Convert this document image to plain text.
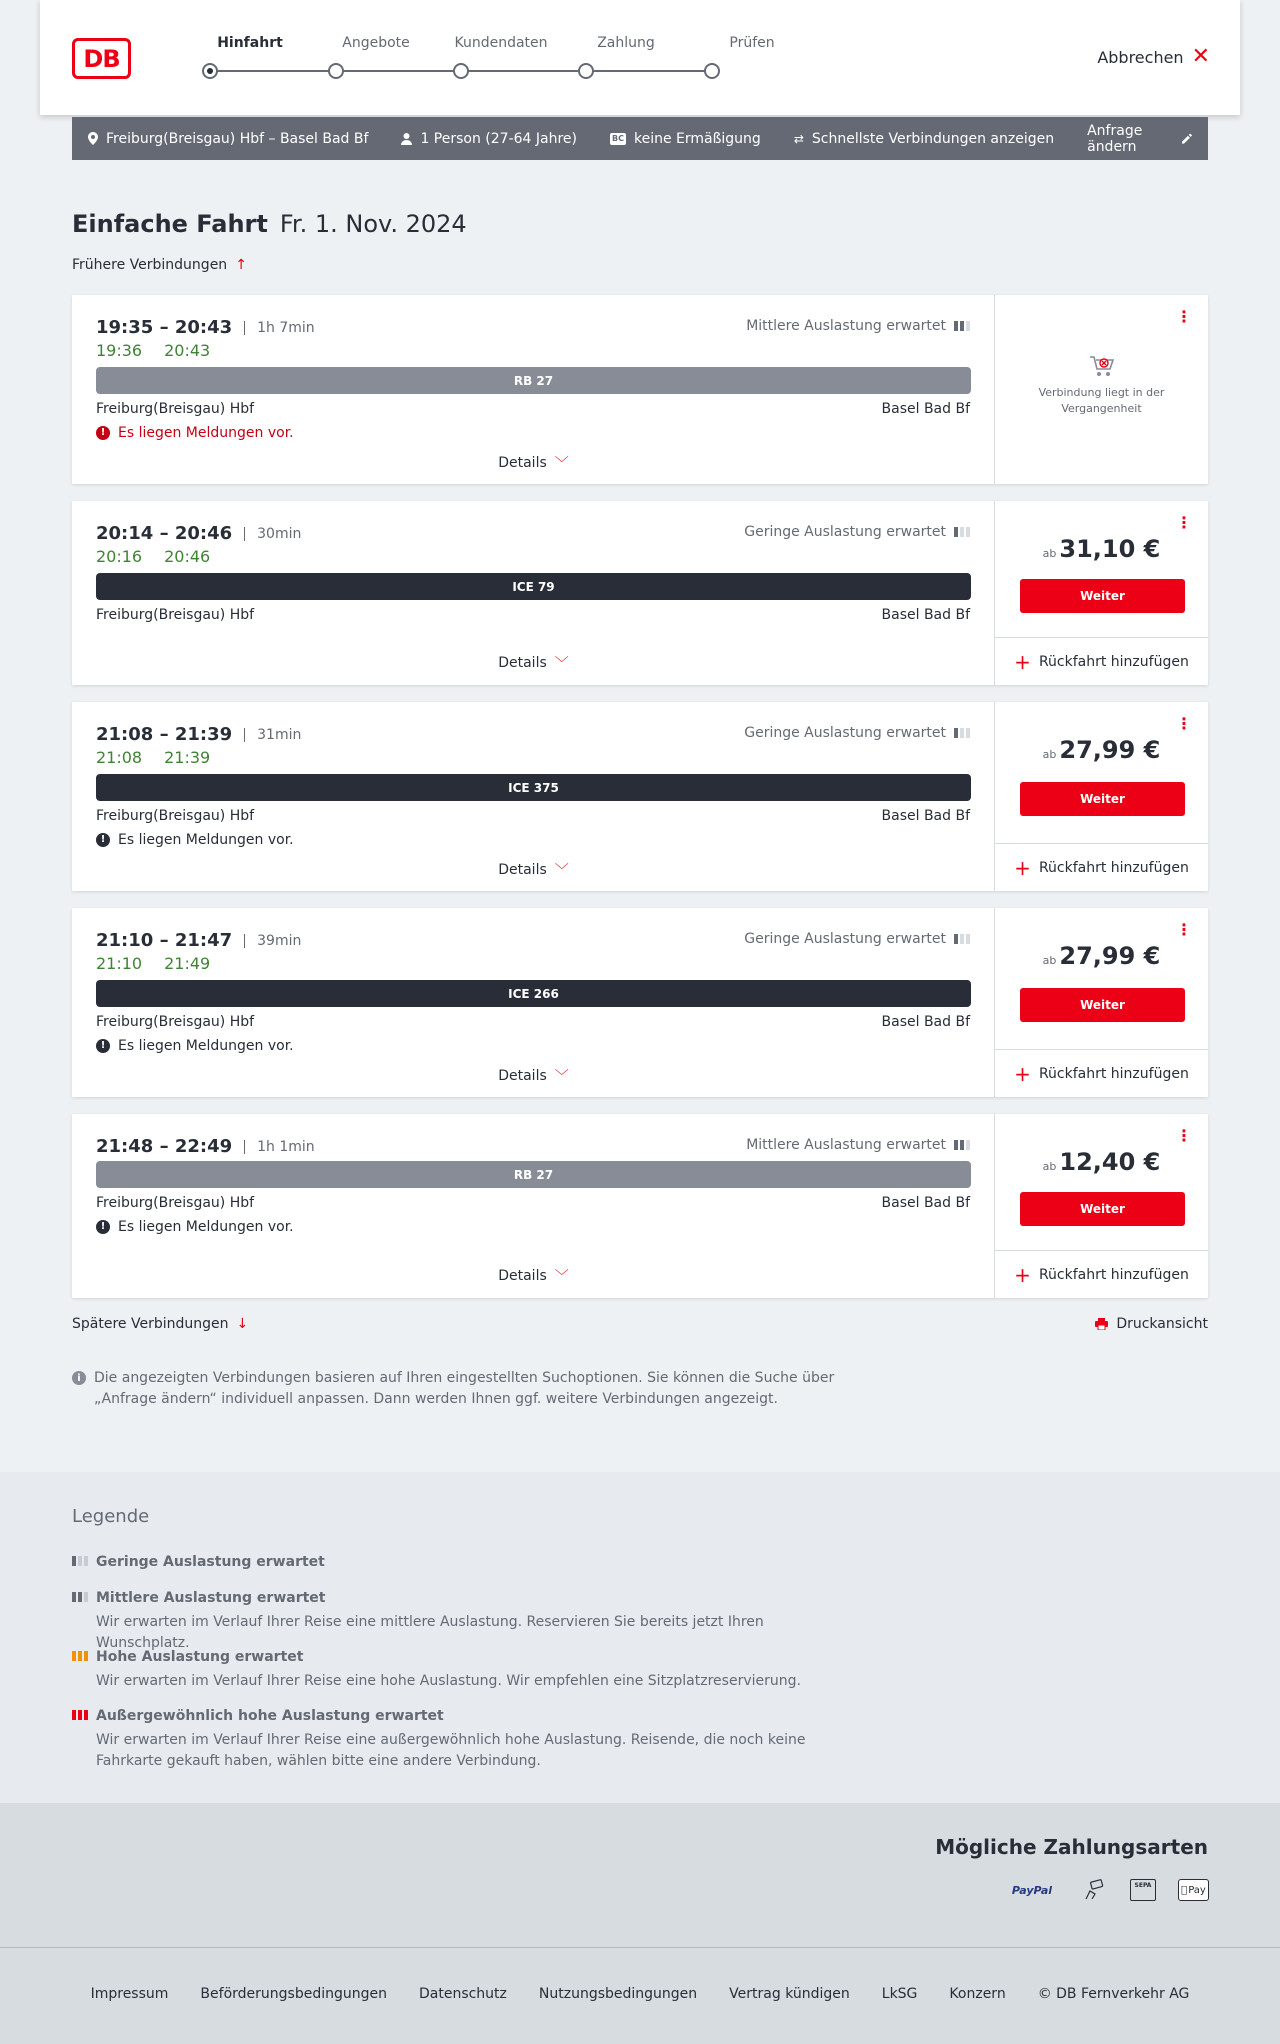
DB
Hinfahrt	Angebote	Kundendaten	Zahlung	Prüfen
Abbrechen ✕
Freiburg(Breisgau) Hbf – Basel Bad Bf	1 Person (27-64 Jahre)	BC keine Ermäßigung	⇄ Schnellste Verbindungen anzeigen Anfrage ändern
Einfache Fahrt Fr. 1. Nov. 2024
Frühere Verbindungen ↑
19:35 – 20:43	1h 7min
19:36 20:43
Mittlere Auslastung erwartet
RB 27
Freiburg(Breisgau) Hbf	Basel Bad Bf
! Es liegen Meldungen vor.
Details ﹀
⋮
Verbindung liegt in der Vergangenheit
20:14 – 20:46	30min
20:16 20:46
Geringe Auslastung erwartet
ICE 79
Freiburg(Breisgau) Hbf	Basel Bad Bf
Details ﹀
⋮
ab 31,10 €
Weiter
+ Rückfahrt hinzufügen
21:08 – 21:39	31min
21:08 21:39
Geringe Auslastung erwartet
ICE 375
Freiburg(Breisgau) Hbf	Basel Bad Bf
! Es liegen Meldungen vor.
Details ﹀
⋮
ab 27,99 €
Weiter
+ Rückfahrt hinzufügen
21:10 – 21:47	39min
21:10 21:49
Geringe Auslastung erwartet
ICE 266
Freiburg(Breisgau) Hbf	Basel Bad Bf
! Es liegen Meldungen vor.
Details ﹀
⋮
ab 27,99 €
Weiter
+ Rückfahrt hinzufügen
21:48 – 22:49	1h 1min	Mittlere Auslastung erwartet
RB 27
Freiburg(Breisgau) Hbf	Basel Bad Bf
! Es liegen Meldungen vor.
Details ﹀
⋮
ab 12,40 €
Weiter
+ Rückfahrt hinzufügen
Spätere Verbindungen ↓	Druckansicht
i Die angezeigten Verbindungen basieren auf Ihren eingestellten Suchoptionen. Sie können die Suche über „Anfrage ändern“ individuell anpassen. Dann werden Ihnen ggf. weitere Verbindungen angezeigt.
Legende
Geringe Auslastung erwartet
Mittlere Auslastung erwartet

Wir erwarten im Verlauf Ihrer Reise eine mittlere Auslastung. Reservieren Sie bereits jetzt Ihren Wunschplatz.

Hohe Auslastung erwartet

Wir erwarten im Verlauf Ihrer Reise eine hohe Auslastung. Wir empfehlen eine Sitzplatzreservierung.

Außergewöhnlich hohe Auslastung erwartet

Wir erwarten im Verlauf Ihrer Reise eine außergewöhnlich hohe Auslastung. Reisende, die noch keine Fahrkarte gekauft haben, wählen bitte eine andere Verbindung.

Mögliche Zahlungsarten
PayPal	SEPA	Pay
Impressum Beförderungsbedingungen Datenschutz Nutzungsbedingungen Vertrag kündigen LkSG Konzern © DB Fernverkehr AG
